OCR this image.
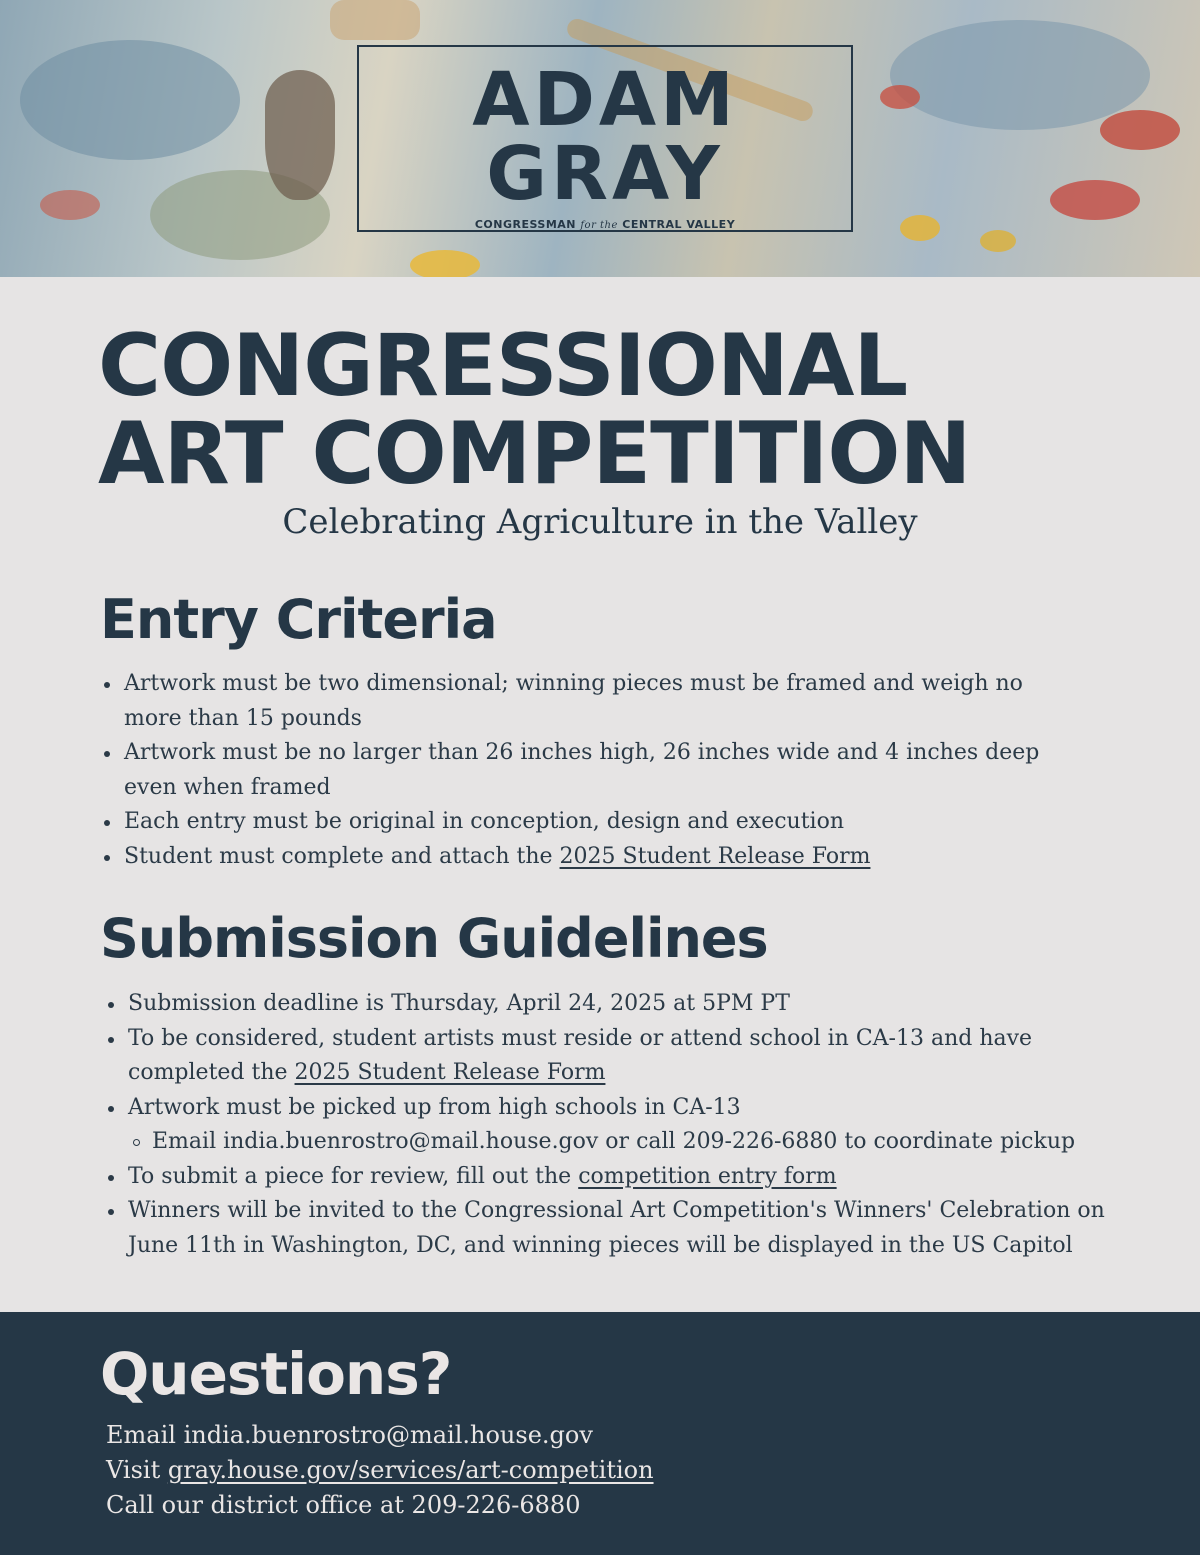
ADAM
GRAY
CONGRESSMAN for the CENTRAL VALLEY
CONGRESSIONAL
ART COMPETITION
Celebrating Agriculture in the Valley
Entry Criteria
Artwork must be two dimensional; winning pieces must be framed and weigh no more than 15 pounds
Artwork must be no larger than 26 inches high, 26 inches wide and 4 inches deep even when framed
Each entry must be original in conception, design and execution
Student must complete and attach the 2025 Student Release Form
Submission Guidelines
Submission deadline is Thursday, April 24, 2025 at 5PM PT
To be considered, student artists must reside or attend school in CA-13 and have completed the 2025 Student Release Form
Artwork must be picked up from high schools in CA-13
Email india.buenrostro@mail.house.gov or call 209-226-6880 to coordinate pickup
To submit a piece for review, fill out the competition entry form
Winners will be invited to the Congressional Art Competition's Winners' Celebration on June 11th in Washington, DC, and winning pieces will be displayed in the US Capitol
Questions?
Email india.buenrostro@mail.house.gov
Visit gray.house.gov/services/art-competition
Call our district office at 209-226-6880
